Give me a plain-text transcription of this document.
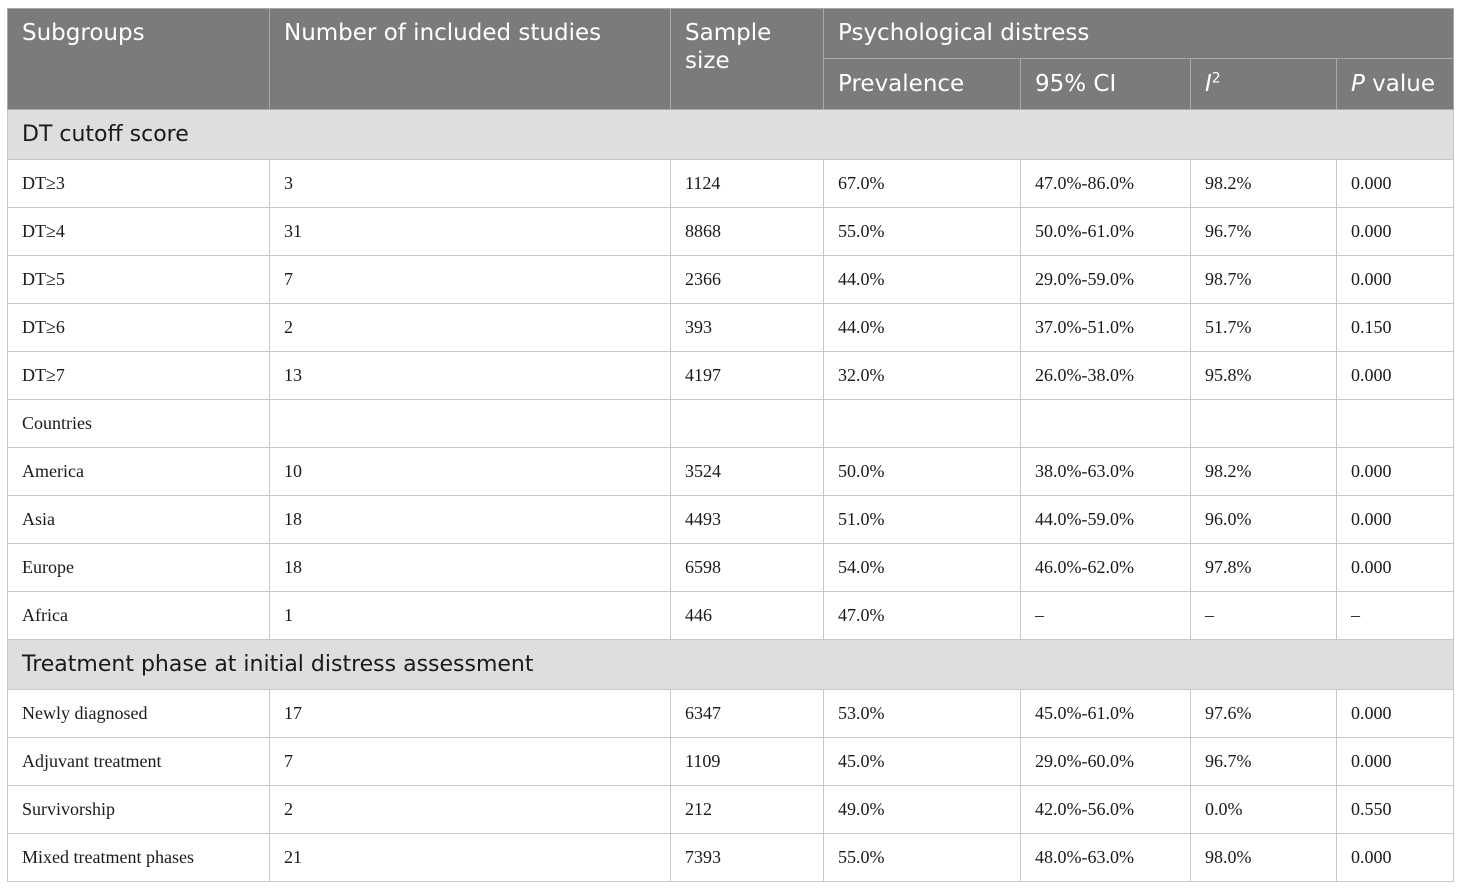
Subgroups	Number of included studies	Sample size	Psychological distress			
			Prevalence	95% CI	$I^2$	P value
DT cutoff score						
DT≥3	3	1124	67.0%	47.0%-86.0%	98.2%	0.000
DT≥4	31	8868	55.0%	50.0%-61.0%	96.7%	0.000
DT≥5	7	2366	44.0%	29.0%-59.0%	98.7%	0.000
DT≥6	2	393	44.0%	37.0%-51.0%	51.7%	0.150
DT≥7	13	4197	32.0%	26.0%-38.0%	95.8%	0.000
Countries						
America	10	3524	50.0%	38.0%-63.0%	98.2%	0.000
Asia	18	4493	51.0%	44.0%-59.0%	96.0%	0.000
Europe	18	6598	54.0%	46.0%-62.0%	97.8%	0.000
Africa	1	446	47.0%	–	–	–
Treatment phase at initial distress assessment						
Newly diagnosed	17	6347	53.0%	45.0%-61.0%	97.6%	0.000
Adjuvant treatment	7	1109	45.0%	29.0%-60.0%	96.7%	0.000
Survivorship	2	212	49.0%	42.0%-56.0%	0.0%	0.550
Mixed treatment phases	21	7393	55.0%	48.0%-63.0%	98.0%	0.000
